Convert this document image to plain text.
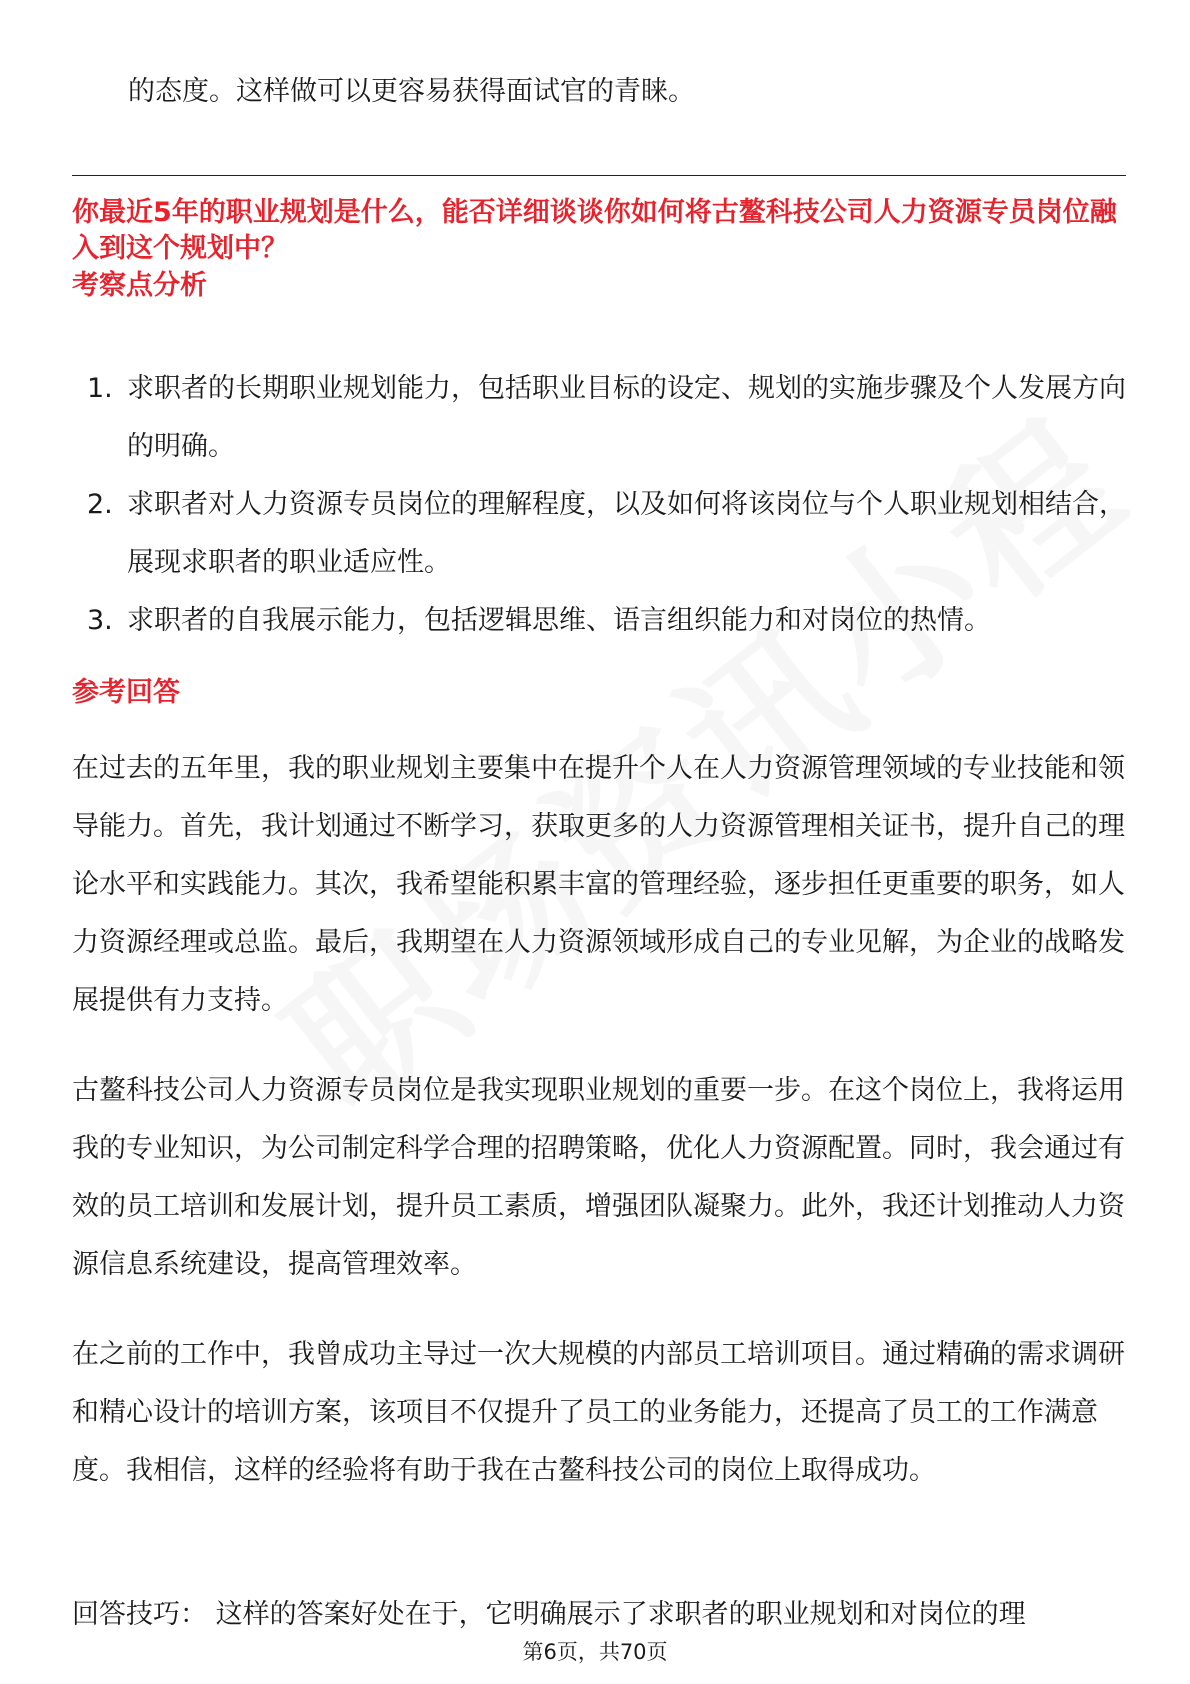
的态度。这样做可以更容易获得面试官的青睐。
你最近5年的职业规划是什么，能否详细谈谈你如何将古鳌科技公司人力资源专员岗位融入到这个规划中？
考察点分析
1. 求职者的长期职业规划能力，包括职业目标的设定、规划的实施步骤及个人发展方向的明确。
2. 求职者对人力资源专员岗位的理解程度，以及如何将该岗位与个人职业规划相结合，展现求职者的职业适应性。
3. 求职者的自我展示能力，包括逻辑思维、语言组织能力和对岗位的热情。
参考回答

在过去的五年里，我的职业规划主要集中在提升个人在人力资源管理领域的专业技能和领导能力。首先，我计划通过不断学习，获取更多的人力资源管理相关证书，提升自己的理论水平和实践能力。其次，我希望能积累丰富的管理经验，逐步担任更重要的职务，如人力资源经理或总监。最后，我期望在人力资源领域形成自己的专业见解，为企业的战略发展提供有力支持。

古鳌科技公司人力资源专员岗位是我实现职业规划的重要一步。在这个岗位上，我将运用我的专业知识，为公司制定科学合理的招聘策略，优化人力资源配置。同时，我会通过有效的员工培训和发展计划，提升员工素质，增强团队凝聚力。此外，我还计划推动人力资源信息系统建设，提高管理效率。

在之前的工作中，我曾成功主导过一次大规模的内部员工培训项目。通过精确的需求调研和精心设计的培训方案，该项目不仅提升了员工的业务能力，还提高了员工的工作满意度。我相信，这样的经验将有助于我在古鳌科技公司的岗位上取得成功。

回答技巧： 这样的答案好处在于，它明确展示了求职者的职业规划和对岗位的理

第6页，共70页
